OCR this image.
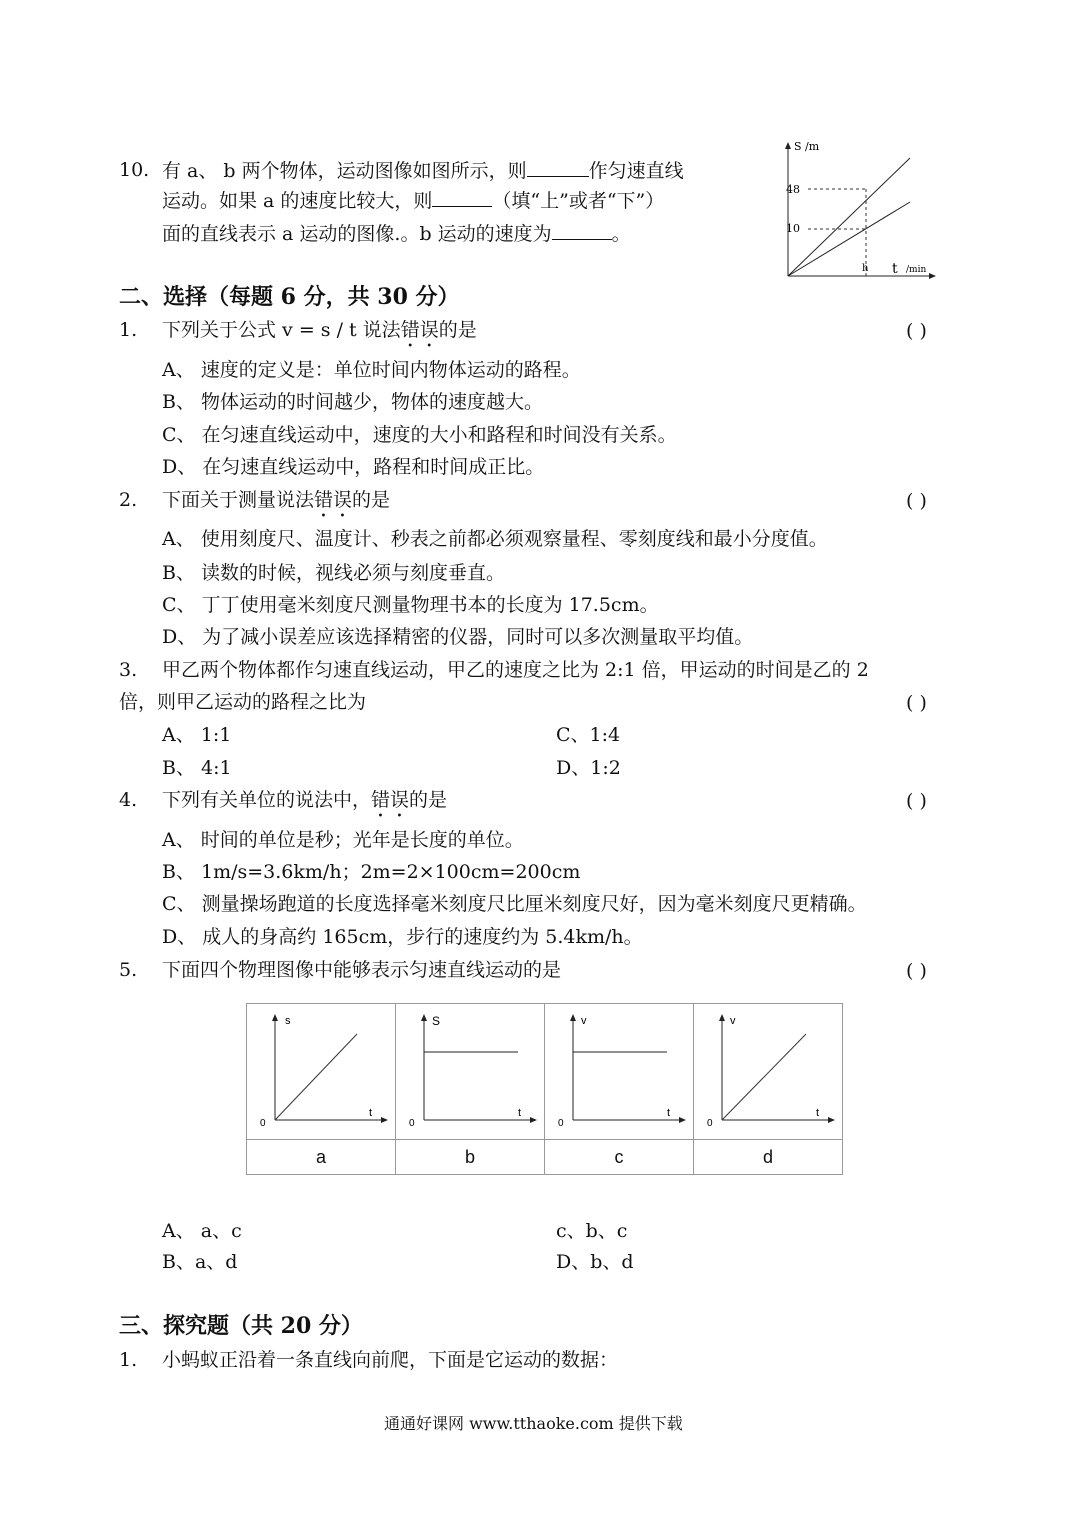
10. 有 a、 b 两个物体，运动图像如图所示，则	作匀速直线
运动。如果 a 的速度比较大，则	（填“上”或者“下”）
面的直线表示 a 运动的图像.。b 运动的速度为	。
S /m
48
10
h t /min
二、选择（每题 6 分，共 30 分）
1. 下列关于公式 v = s / t 说法错误的是	( )
A、 速度的定义是：单位时间内物体运动的路程。
B、 物体运动的时间越少，物体的速度越大。
C、 在匀速直线运动中，速度的大小和路程和时间没有关系。
D、 在匀速直线运动中，路程和时间成正比。
2. 下面关于测量说法错误的是	( )
A、 使用刻度尺、温度计、秒表之前都必须观察量程、零刻度线和最小分度值。
B、 读数的时候，视线必须与刻度垂直。
C、 丁丁使用毫米刻度尺测量物理书本的长度为 17.5cm。
D、 为了减小误差应该选择精密的仪器，同时可以多次测量取平均值。
3. 甲乙两个物体都作匀速直线运动，甲乙的速度之比为 2:1 倍，甲运动的时间是乙的 2
倍，则甲乙运动的路程之比为	( )
A、 1:1	C、1:4
B、 4:1	D、1:2
4. 下列有关单位的说法中，错误的是	( )
A、 时间的单位是秒；光年是长度的单位。
B、 1m/s=3.6km/h；2m=2×100cm=200cm
C、 测量操场跑道的长度选择毫米刻度尺比厘米刻度尺好，因为毫米刻度尺更精确。
D、 成人的身高约 165cm，步行的速度约为 5.4km/h。
5. 下面四个物理图像中能够表示匀速直线运动的是	( )
s
t
0	S
t
0	v
t
0	v
t
0

a	b	c	d
A、 a、c	c、b、c
B、a、d	D、b、d
三、探究题（共 20 分）
1. 小蚂蚁正沿着一条直线向前爬，下面是它运动的数据：
通通好课网 www.tthaoke.com 提供下载
